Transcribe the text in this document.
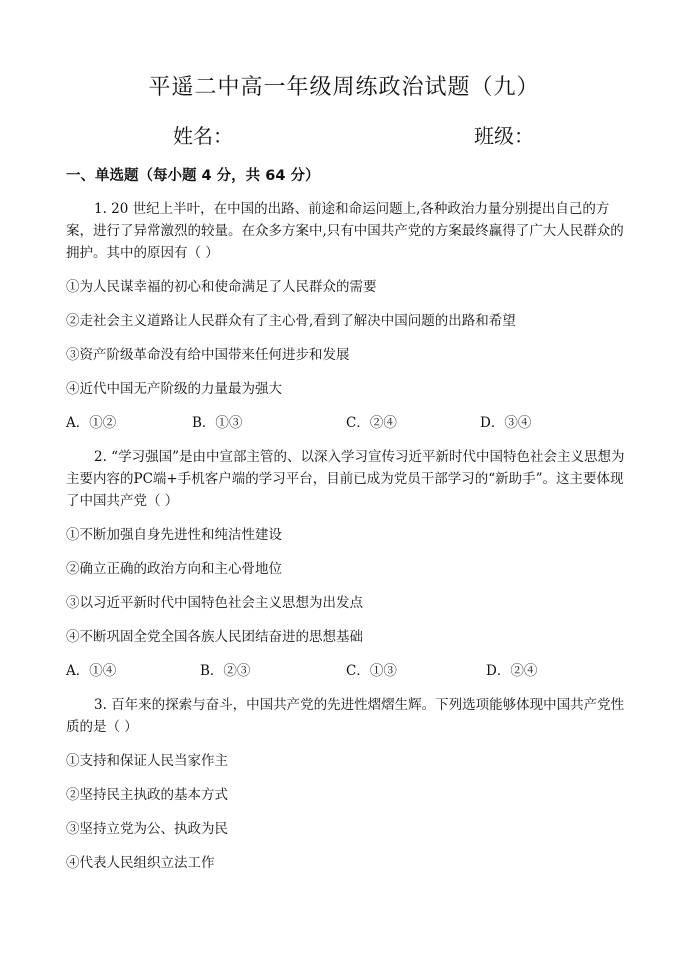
平遥二中高一年级周练政治试题（九）
姓名：	班级：
一、单选题（每小题 4 分，共 64 分）

1. 20 世纪上半叶，在中国的出路、前途和命运问题上,各种政治力量分别提出自己的方案，进行了异常激烈的较量。在众多方案中,只有中国共产党的方案最终赢得了广大人民群众的拥护。其中的原因有（ ）

①为人民谋幸福的初心和使命满足了人民群众的需要

②走社会主义道路让人民群众有了主心骨,看到了解决中国问题的出路和希望

③资产阶级革命没有给中国带来任何进步和发展

④近代中国无产阶级的力量最为强大

A．①②	B．①③	C．②④	D．③④

2. “学习强国”是由中宣部主管的、以深入学习宣传习近平新时代中国特色社会主义思想为主要内容的PC端+手机客户端的学习平台，目前已成为党员干部学习的“新助手”。这主要体现了中国共产党（ ）

①不断加强自身先进性和纯洁性建设

②确立正确的政治方向和主心骨地位

③以习近平新时代中国特色社会主义思想为出发点

④不断巩固全党全国各族人民团结奋进的思想基础

A．①④	B．②③	C．①③	D．②④

3. 百年来的探索与奋斗，中国共产党的先进性熠熠生辉。下列选项能够体现中国共产党性质的是（ ）

①支持和保证人民当家作主

②坚持民主执政的基本方式

③坚持立党为公、执政为民

④代表人民组织立法工作
